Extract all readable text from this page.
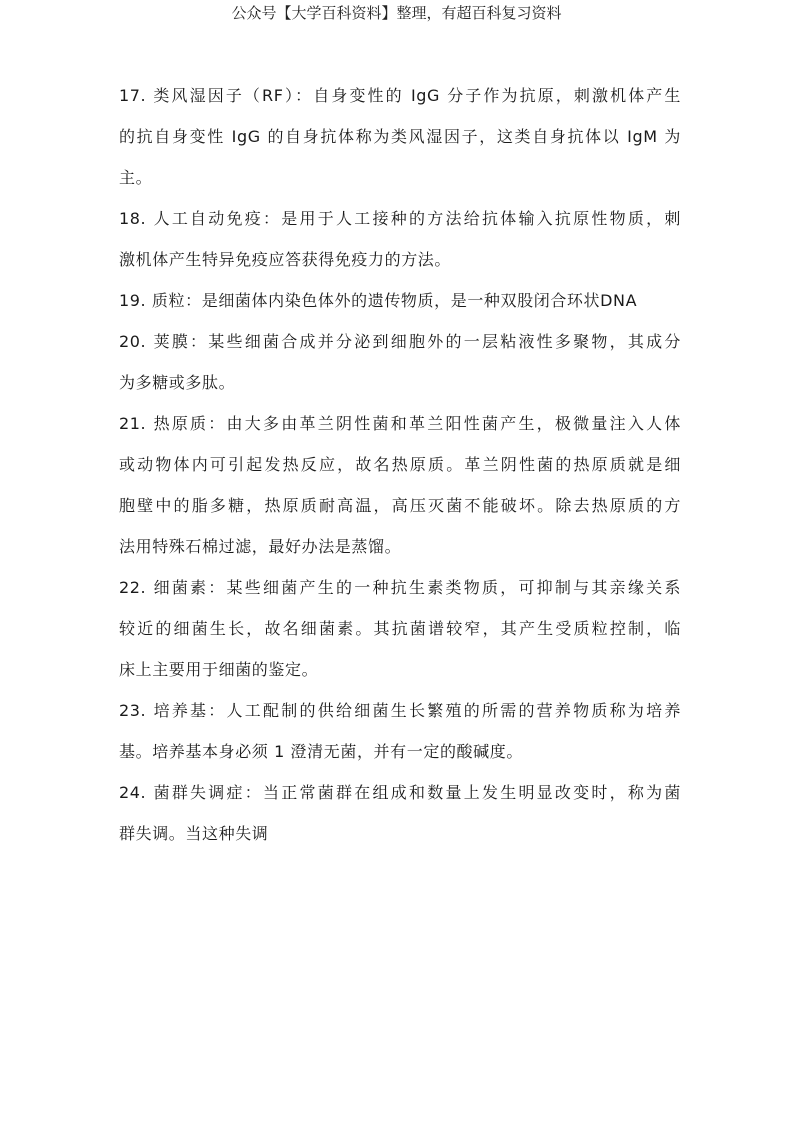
公众号【大学百科资料】整理，有超百科复习资料
17. 类风湿因子（RF）：自身变性的 IgG 分子作为抗原，刺激机体产生
的抗自身变性 IgG 的自身抗体称为类风湿因子，这类自身抗体以 IgM 为
主。
18. 人工自动免疫：是用于人工接种的方法给抗体输入抗原性物质，刺
激机体产生特异免疫应答获得免疫力的方法。
19. 质粒：是细菌体内染色体外的遗传物质，是一种双股闭合环状DNA
20. 荚膜：某些细菌合成并分泌到细胞外的一层粘液性多聚物，其成分
为多糖或多肽。
21. 热原质：由大多由革兰阴性菌和革兰阳性菌产生，极微量注入人体
或动物体内可引起发热反应，故名热原质。革兰阴性菌的热原质就是细
胞壁中的脂多糖，热原质耐高温，高压灭菌不能破坏。除去热原质的方
法用特殊石棉过滤，最好办法是蒸馏。
22. 细菌素：某些细菌产生的一种抗生素类物质，可抑制与其亲缘关系
较近的细菌生长，故名细菌素。其抗菌谱较窄，其产生受质粒控制，临
床上主要用于细菌的鉴定。
23. 培养基：人工配制的供给细菌生长繁殖的所需的营养物质称为培养
基。培养基本身必须 1 澄清无菌，并有一定的酸碱度。
24. 菌群失调症：当正常菌群在组成和数量上发生明显改变时，称为菌
群失调。当这种失调
